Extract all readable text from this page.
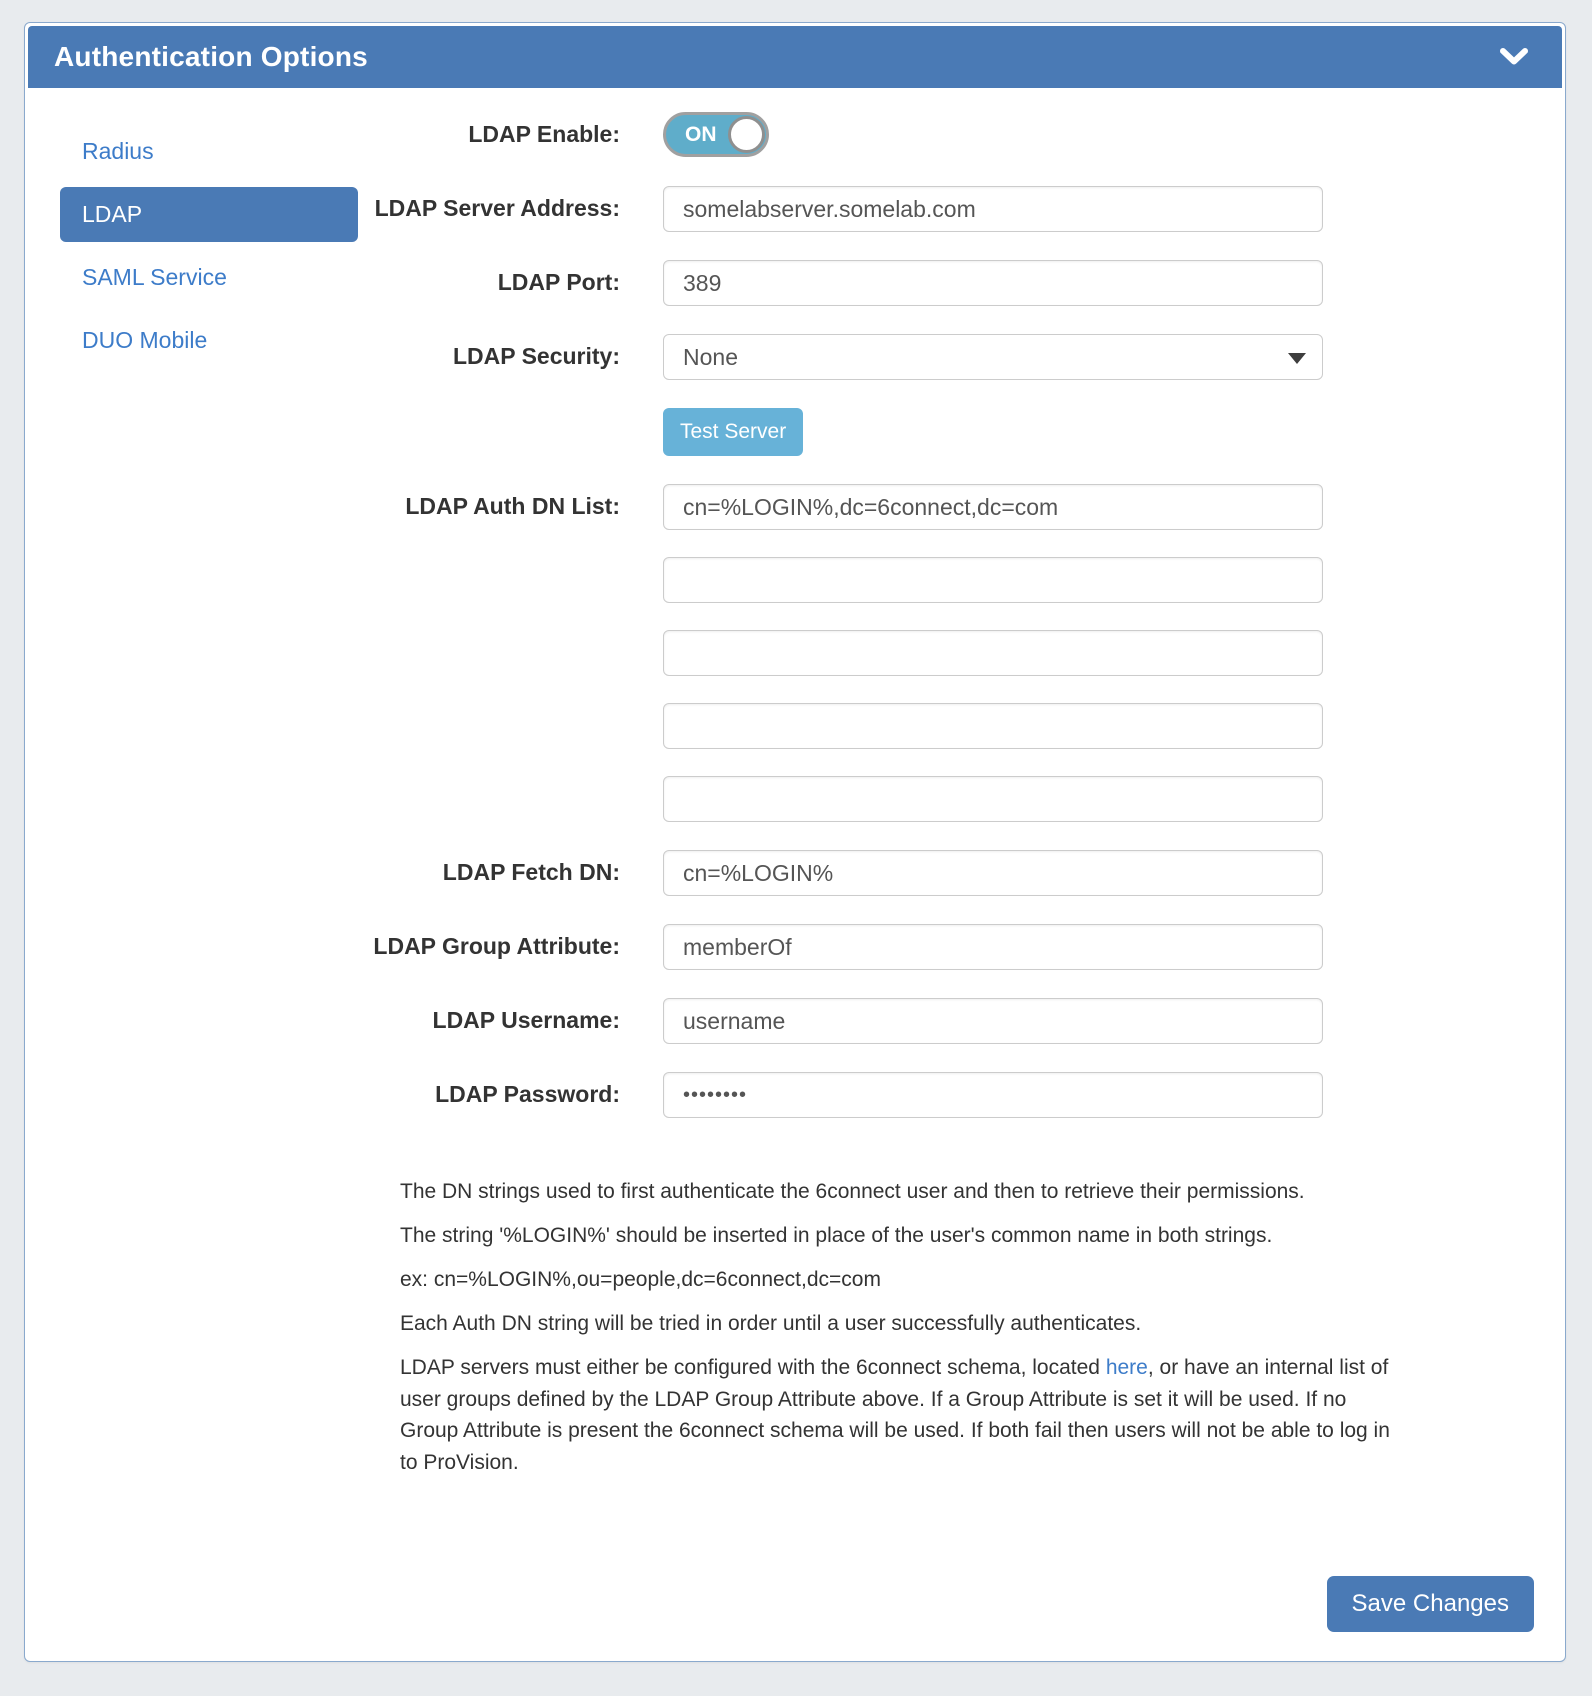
Authentication Options
Radius
LDAP
SAML Service
DUO Mobile
LDAP Enable:	ON
LDAP Server Address:
somelabserver.somelab.com
LDAP Port:
389
LDAP Security:	None
Test Server
LDAP Auth DN List:
cn=%LOGIN%,dc=6connect,dc=com
LDAP Fetch DN:
cn=%LOGIN%
LDAP Group Attribute:
memberOf
LDAP Username:
username
LDAP Password:
••••••••

The DN strings used to first authenticate the 6connect user and then to retrieve their permissions.

The string '%LOGIN%' should be inserted in place of the user's common name in both strings.

ex: cn=%LOGIN%,ou=people,dc=6connect,dc=com

Each Auth DN string will be tried in order until a user successfully authenticates.

LDAP servers must either be configured with the 6connect schema, located here, or have an internal list of user groups defined by the LDAP Group Attribute above. If a Group Attribute is set it will be used. If no Group Attribute is present the 6connect schema will be used. If both fail then users will not be able to log in to ProVision.

Save Changes
